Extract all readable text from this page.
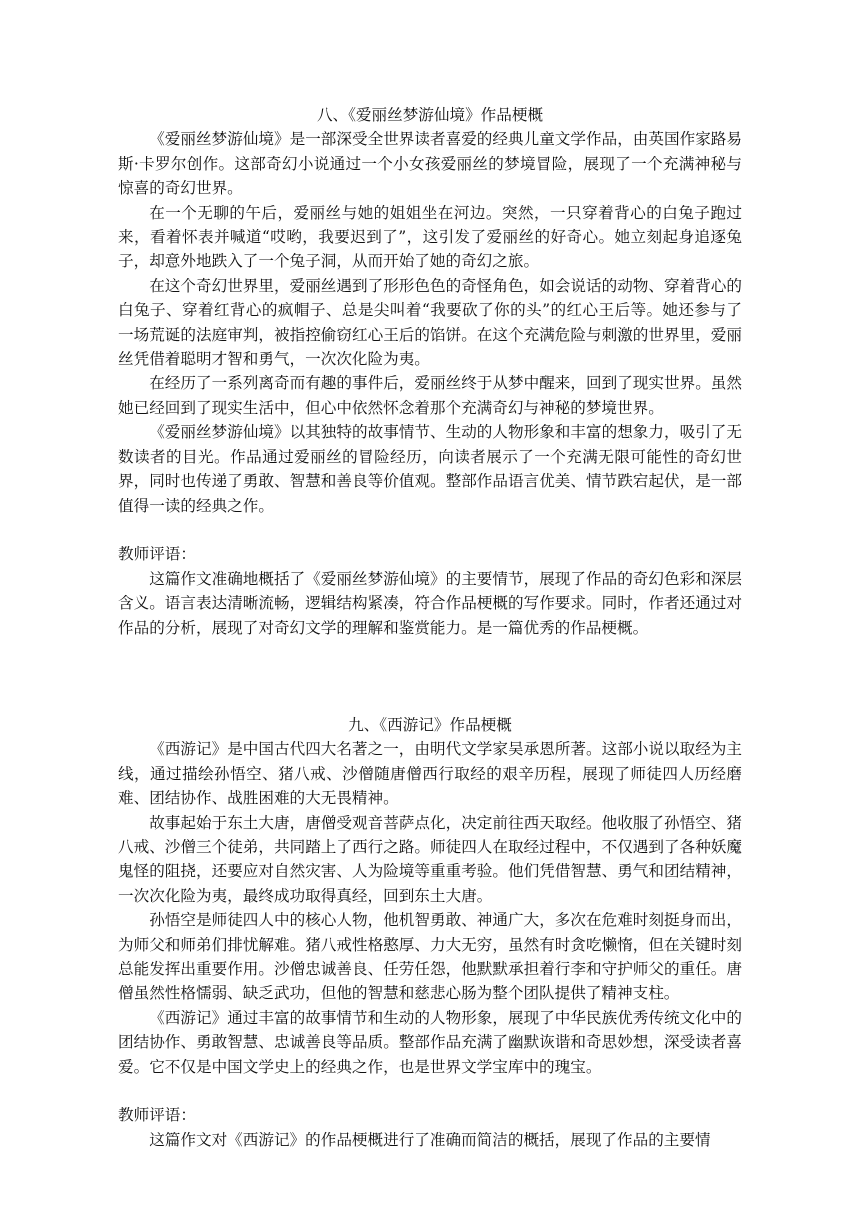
八、《爱丽丝梦游仙境》作品梗概

《爱丽丝梦游仙境》是一部深受全世界读者喜爱的经典儿童文学作品，由英国作家路易斯·卡罗尔创作。这部奇幻小说通过一个小女孩爱丽丝的梦境冒险，展现了一个充满神秘与惊喜的奇幻世界。

在一个无聊的午后，爱丽丝与她的姐姐坐在河边。突然，一只穿着背心的白兔子跑过来，看着怀表并喊道“哎哟，我要迟到了”，这引发了爱丽丝的好奇心。她立刻起身追逐兔子，却意外地跌入了一个兔子洞，从而开始了她的奇幻之旅。

在这个奇幻世界里，爱丽丝遇到了形形色色的奇怪角色，如会说话的动物、穿着背心的白兔子、穿着红背心的疯帽子、总是尖叫着“我要砍了你的头”的红心王后等。她还参与了一场荒诞的法庭审判，被指控偷窃红心王后的馅饼。在这个充满危险与刺激的世界里，爱丽丝凭借着聪明才智和勇气，一次次化险为夷。

在经历了一系列离奇而有趣的事件后，爱丽丝终于从梦中醒来，回到了现实世界。虽然她已经回到了现实生活中，但心中依然怀念着那个充满奇幻与神秘的梦境世界。

《爱丽丝梦游仙境》以其独特的故事情节、生动的人物形象和丰富的想象力，吸引了无数读者的目光。作品通过爱丽丝的冒险经历，向读者展示了一个充满无限可能性的奇幻世界，同时也传递了勇敢、智慧和善良等价值观。整部作品语言优美、情节跌宕起伏，是一部值得一读的经典之作。

教师评语：

这篇作文准确地概括了《爱丽丝梦游仙境》的主要情节，展现了作品的奇幻色彩和深层含义。语言表达清晰流畅，逻辑结构紧凑，符合作品梗概的写作要求。同时，作者还通过对作品的分析，展现了对奇幻文学的理解和鉴赏能力。是一篇优秀的作品梗概。

九、《西游记》作品梗概

《西游记》是中国古代四大名著之一，由明代文学家吴承恩所著。这部小说以取经为主线，通过描绘孙悟空、猪八戒、沙僧随唐僧西行取经的艰辛历程，展现了师徒四人历经磨难、团结协作、战胜困难的大无畏精神。

故事起始于东土大唐，唐僧受观音菩萨点化，决定前往西天取经。他收服了孙悟空、猪八戒、沙僧三个徒弟，共同踏上了西行之路。师徒四人在取经过程中，不仅遇到了各种妖魔鬼怪的阻挠，还要应对自然灾害、人为险境等重重考验。他们凭借智慧、勇气和团结精神，一次次化险为夷，最终成功取得真经，回到东土大唐。

孙悟空是师徒四人中的核心人物，他机智勇敢、神通广大，多次在危难时刻挺身而出，为师父和师弟们排忧解难。猪八戒性格憨厚、力大无穷，虽然有时贪吃懒惰，但在关键时刻总能发挥出重要作用。沙僧忠诚善良、任劳任怨，他默默承担着行李和守护师父的重任。唐僧虽然性格懦弱、缺乏武功，但他的智慧和慈悲心肠为整个团队提供了精神支柱。

《西游记》通过丰富的故事情节和生动的人物形象，展现了中华民族优秀传统文化中的团结协作、勇敢智慧、忠诚善良等品质。整部作品充满了幽默诙谐和奇思妙想，深受读者喜爱。它不仅是中国文学史上的经典之作，也是世界文学宝库中的瑰宝。

教师评语：

这篇作文对《西游记》的作品梗概进行了准确而简洁的概括，展现了作品的主要情
